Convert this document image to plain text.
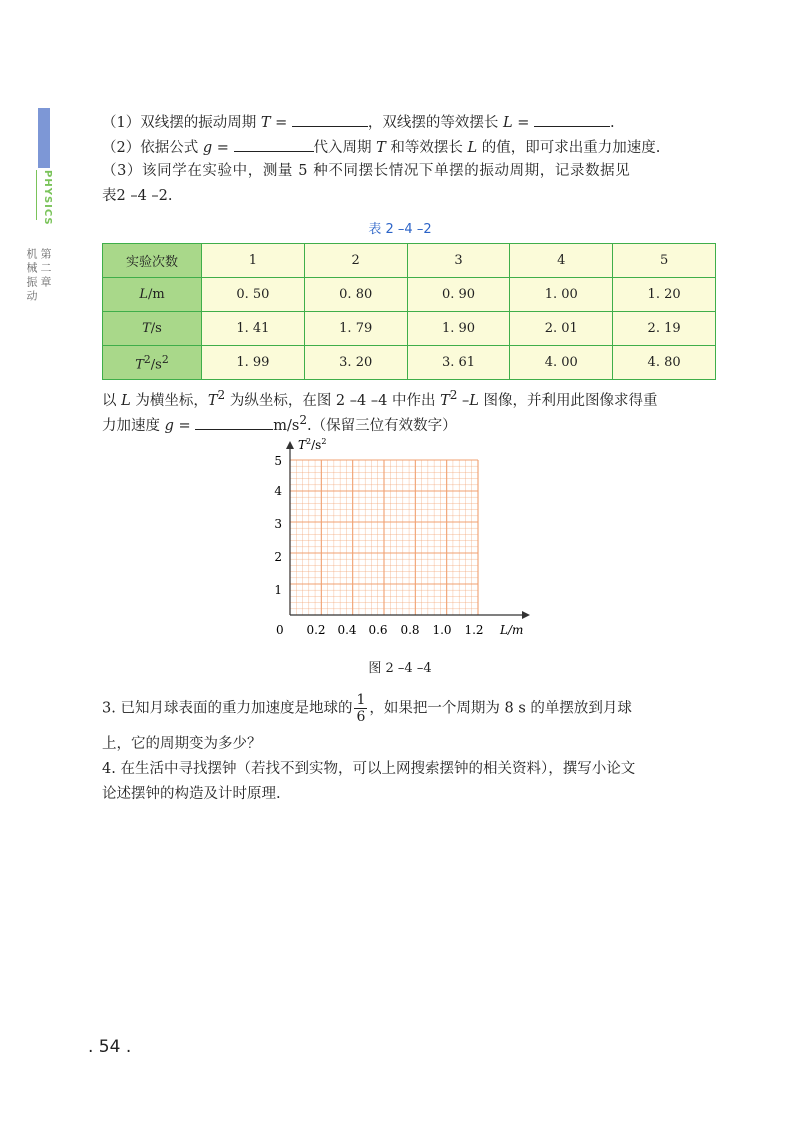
PHYSICS
第二章
机械振动
（1）双线摆的振动周期 T =	，双线摆的等效摆长 L =	.
（2）依据公式 g =	代入周期 T 和等效摆长 L 的值，即可求出重力加速度.
（3）该同学在实验中，测量 5 种不同摆长情况下单摆的振动周期，记录数据见
表2 –4 –2.
表 2 –4 –2
实验次数	1	2	3	4	5
L/m	0. 50	0. 80	0. 90	1. 00	1. 20
T/s	1. 41	1. 79	1. 90	2. 01	2. 19
$T^2/s^2$	1. 99	3. 20	3. 61	4. 00	4. 80
以 L 为横坐标，$T^2$ 为纵坐标，在图 2 –4 –4 中作出 $T^2$ –L 图像，并利用此图像求得重
力加速度 g =	$m/s^2$.（保留三位有效数字）
$T^2/s^2$
L/m
0 0.2 0.4 0.6 0.8 1.0 1.2
1
2
3
4
5
图 2 –4 –4
3. 已知月球表面的重力加速度是地球的 $\frac{1}{6}$ ，如果把一个周期为 8 s 的单摆放到月球
上，它的周期变为多少？
4. 在生活中寻找摆钟（若找不到实物，可以上网搜索摆钟的相关资料），撰写小论文
论述摆钟的构造及计时原理.
. 54 .
